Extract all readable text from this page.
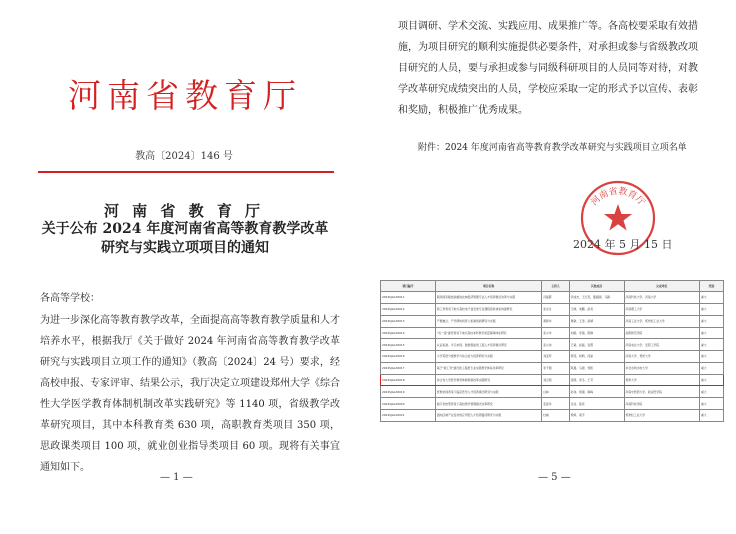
河南省教育厅
教高〔2024〕146 号
河 南 省 教 育 厅
关于公布 2024 年度河南省高等教育教学改革
研究与实践立项项目的通知
各高等学校：
为进一步深化高等教育教学改革，全面提高高等教育教学质量和人才培养水平，根据我厅《关于做好 2024 年河南省高等教育教学改革研究与实践项目立项工作的通知》（教高〔2024〕24 号）要求，经高校申报、专家评审、结果公示，我厅决定立项建设郑州大学《综合性大学医学教育体制机制改革实践研究》等 1140 项，省级教学改革研究项目，其中本科教育类 630 项，高职教育类项目 350 项，思政课类项目 100 项，就业创业指导类项目 60 项。现将有关事宜通知如下。
— 1 —
项目调研、学术交流、实践应用、成果推广等。各高校要采取有效措施，为项目研究的顺利实施提供必要条件，对承担或参与省级教改项目研究的人员，要与承担或参与同级科研项目的人员同等对待，对教学改革研究成绩突出的人员，学校应采取一定的形式予以宣传、表彰和奖励，积极推广优秀成果。
附件：2024 年度河南省高等教育教学改革研究与实践项目立项名单
河南省教育厅
2024 年 5 月 15 日
项目编号	项目名称	主持人	其他成员	完成单位	类别
2024SJGLX0011	服务国家粮食战略的农林经济管理专业人才培养模式改革与实践	冯振霞	李成杰、王红英、董振刚、马越	河南科技大学、河南大学	重大
2024SJGLX0012	新工科背景下地方高校电子信息类专业课程思政体系构建研究	张永生	王晓、刘鹏、赵亮	河南理工大学	重大
2024SJGLX0013	产教融合、产学研协同育人机制创新研究与实践	黄新华	周敏、王涛、孙婧	河南工业大学、郑州轻工业大学	重大
2024SJGLX0014	"双一流"建设背景下地方高校本科教学质量保障体系研究	张小华	刘娟、李强、陈静	洛阳师范学院	重大
2024SJGLX0015	认证标准、多元协同、数智赋能的工程人才培养模式研究	张小伟	王颖、赵磊、吴霞	河南农业大学、安阳工学院	重大
2024SJGLX0016	大学英语分级教学与综合能力培养研究与实践	刘亚军	郭涛、杨帆、何丽	河南大学、郑州大学	重大
2024SJGLX0017	基于"新工科"建设的工程类专业实践教学体系改革研究	李子刚	陈晨、马骁、郑凯	华北水利水电大学	重大
2024SJGLX0018	综合性大学医学教育体制机制改革实践研究	刘章锁	张明、李冬、王芳	郑州大学	重大
2024SJGLX0019	医教协同背景下临床医学人才培养模式研究与实践	白林	孙伟、周强、韩梅	河南中医药大学、新乡医学院	重大
2024SJGLX0020	数字化转型背景下高校教学管理模式改革研究	张爱华	宋洁、程亮	河南科技学院	重大
2024SJGLX0021	面向区域产业需求的应用型人才培养路径研究与实践	杜威	徐婷、梁宇	郑州轻工业大学	重大
— 5 —
